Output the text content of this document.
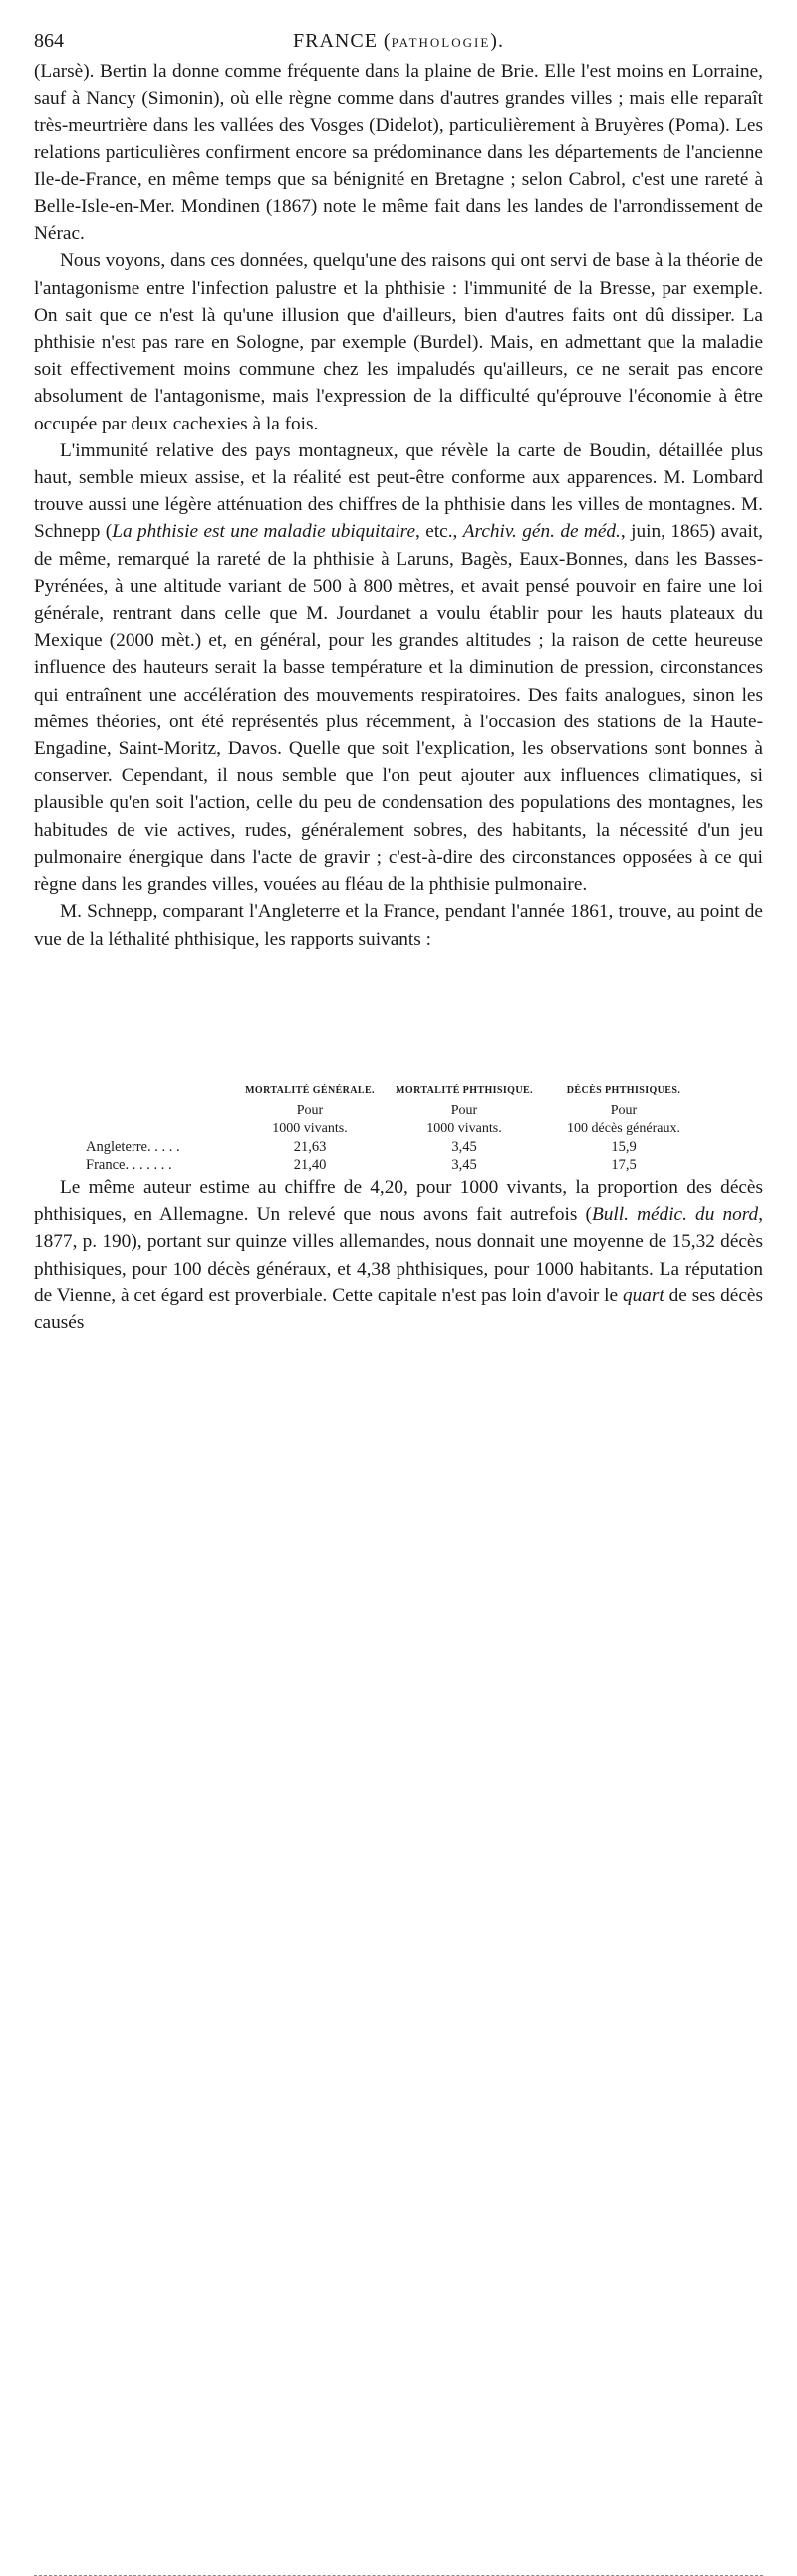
864	FRANCE (PATHOLOGIE).

(Larsè). Bertin la donne comme fréquente dans la plaine de Brie. Elle l'est moins en Lorraine, sauf à Nancy (Simonin), où elle règne comme dans d'autres grandes villes ; mais elle reparaît très-meurtrière dans les vallées des Vosges (Didelot), particulièrement à Bruyères (Poma). Les relations particulières confirment encore sa prédominance dans les départements de l'ancienne Ile-de-France, en même temps que sa bénignité en Bretagne ; selon Cabrol, c'est une rareté à Belle-Isle-en-Mer. Mondinen (1867) note le même fait dans les landes de l'arrondissement de Nérac.

Nous voyons, dans ces données, quelqu'une des raisons qui ont servi de base à la théorie de l'antagonisme entre l'infection palustre et la phthisie : l'immunité de la Bresse, par exemple. On sait que ce n'est là qu'une illusion que d'ailleurs, bien d'autres faits ont dû dissiper. La phthisie n'est pas rare en Sologne, par exemple (Burdel). Mais, en admettant que la maladie soit effectivement moins commune chez les impaludés qu'ailleurs, ce ne serait pas encore absolument de l'antagonisme, mais l'expression de la difficulté qu'éprouve l'économie à être occupée par deux cachexies à la fois.

L'immunité relative des pays montagneux, que révèle la carte de Boudin, détaillée plus haut, semble mieux assise, et la réalité est peut-être conforme aux apparences. M. Lombard trouve aussi une légère atténuation des chiffres de la phthisie dans les villes de montagnes. M. Schnepp (La phthisie est une maladie ubiquitaire, etc., Archiv. gén. de méd., juin, 1865) avait, de même, remarqué la rareté de la phthisie à Laruns, Bagès, Eaux-Bonnes, dans les Basses-Pyrénées, à une altitude variant de 500 à 800 mètres, et avait pensé pouvoir en faire une loi générale, rentrant dans celle que M. Jourdanet a voulu établir pour les hauts plateaux du Mexique (2000 mèt.) et, en général, pour les grandes altitudes ; la raison de cette heureuse influence des hauteurs serait la basse température et la diminution de pression, circonstances qui entraînent une accélération des mouvements respiratoires. Des faits analogues, sinon les mêmes théories, ont été représentés plus récemment, à l'occasion des stations de la Haute-Engadine, Saint-Moritz, Davos. Quelle que soit l'explication, les observations sont bonnes à conserver. Cependant, il nous semble que l'on peut ajouter aux influences climatiques, si plausible qu'en soit l'action, celle du peu de condensation des populations des montagnes, les habitudes de vie actives, rudes, généralement sobres, des habitants, la nécessité d'un jeu pulmonaire énergique dans l'acte de gravir ; c'est-à-dire des circonstances opposées à ce qui règne dans les grandes villes, vouées au fléau de la phthisie pulmonaire.

M. Schnepp, comparant l'Angleterre et la France, pendant l'année 1861, trouve, au point de vue de la léthalité phthisique, les rapports suivants :

	MORTALITÉ GÉNÉRALE.	MORTALITÉ PHTHISIQUE.	DÉCÈS PHTHISIQUES.
	Pour	Pour	Pour
	1000 vivants.	1000 vivants.	100 décès généraux.
Angleterre. . . . .	21,63	3,45	15,9
France. . . . . . .	21,40	3,45	17,5

Le même auteur estime au chiffre de 4,20, pour 1000 vivants, la proportion des décès phthisiques, en Allemagne. Un relevé que nous avons fait autrefois (Bull. médic. du nord, 1877, p. 190), portant sur quinze villes allemandes, nous donnait une moyenne de 15,32 décès phthisiques, pour 100 décès généraux, et 4,38 phthisiques, pour 1000 habitants. La réputation de Vienne, à cet égard est proverbiale. Cette capitale n'est pas loin d'avoir le quart de ses décès causés
